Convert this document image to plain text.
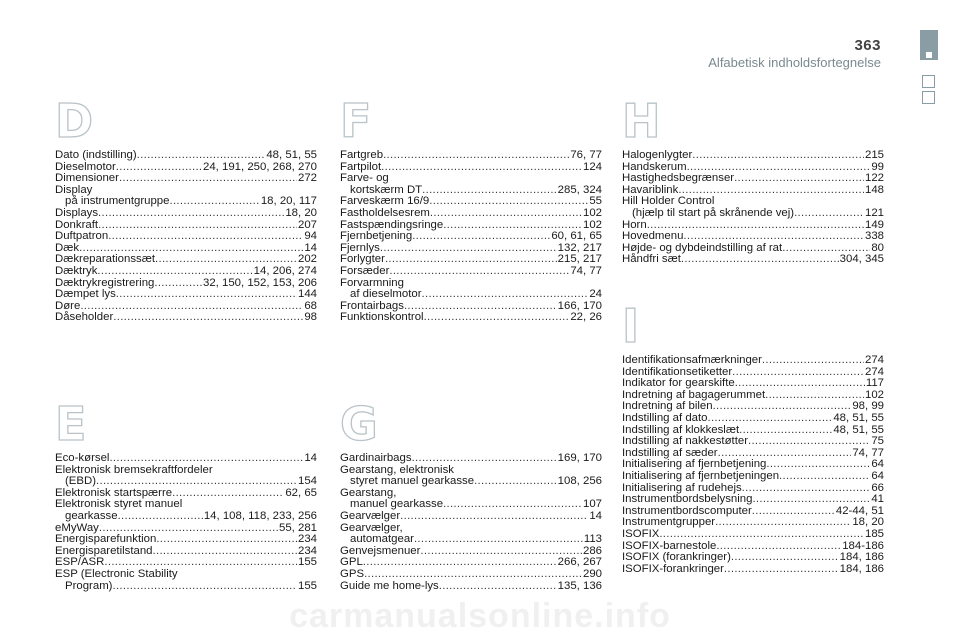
363
Alfabetisk indholdsfortegnelse
D
Dato (indstilling) .....	48, 51, 55
Dieselmotor .....	24, 191, 250, 268, 270
Dimensioner .....	272
Display
på instrumentgruppe .....	18, 20, 117
Displays .....	18, 20
Donkraft .....	207
Duftpatron .....	94
Dæk .....	14
Dækreparationssæt .....	202
Dæktryk .....	14, 206, 274
Dæktrykregistrering .....	32, 150, 152, 153, 206
Dæmpet lys .....	144
Døre .....	68
Dåseholder .....	98
E
Eco-kørsel .....	14
Elektronisk bremsekraftfordeler
(EBD) .....	154
Elektronisk startspærre .....	62, 65
Elektronisk styret manuel
gearkasse .....	14, 108, 118, 233, 256
eMyWay .....	55, 281
Energisparefunktion .....	234
Energisparetilstand .....	234
ESP/ASR .....	155
ESP (Electronic Stability
Program) .....	155
F
Fartgreb .....	76, 77
Fartpilot .....	124
Farve- og
kortskærm DT .....	285, 324
Farveskærm 16/9 .....	55
Fastholdelsesrem .....	102
Fastspændingsringe .....	102
Fjernbetjening .....	60, 61, 65
Fjernlys .....	132, 217
Forlygter .....	215, 217
Forsæder .....	74, 77
Forvarmning
af dieselmotor .....	24
Frontairbags .....	166, 170
Funktionskontrol .....	22, 26
G
Gardinairbags .....	169, 170
Gearstang, elektronisk
styret manuel gearkasse .....	108, 256
Gearstang,
manuel gearkasse .....	107
Gearvælger .....	14
Gearvælger,
automatgear .....	113
Genvejsmenuer .....	286
GPL .....	266, 267
GPS .....	290
Guide me home-lys .....	135, 136
H
Halogenlygter .....	215
Handskerum .....	99
Hastighedsbegrænser .....	122
Havariblink .....	148
Hill Holder Control
(hjælp til start på skrånende vej) .....	121
Horn .....	149
Hovedmenu .....	338
Højde- og dybdeindstilling af rat .....	80
Håndfri sæt .....	304, 345
I
Identifikationsafmærkninger .....	274
Identifikationsetiketter .....	274
Indikator for gearskifte .....	117
Indretning af bagagerummet .....	102
Indretning af bilen .....	98, 99
Indstilling af dato .....	48, 51, 55
Indstilling af klokkeslæt .....	48, 51, 55
Indstilling af nakkestøtter .....	75
Indstilling af sæder .....	74, 77
Initialisering af fjernbetjening .....	64
Initialisering af fjernbetjeningen .....	64
Initialisering af rudehejs .....	66
Instrumentbordsbelysning .....	41
Instrumentbordscomputer .....	42-44, 51
Instrumentgrupper .....	18, 20
ISOFIX .....	185
ISOFIX-barnestole .....	184-186
ISOFIX (forankringer) .....	184, 186
ISOFIX-forankringer .....	184, 186
carmanualsonline.info
